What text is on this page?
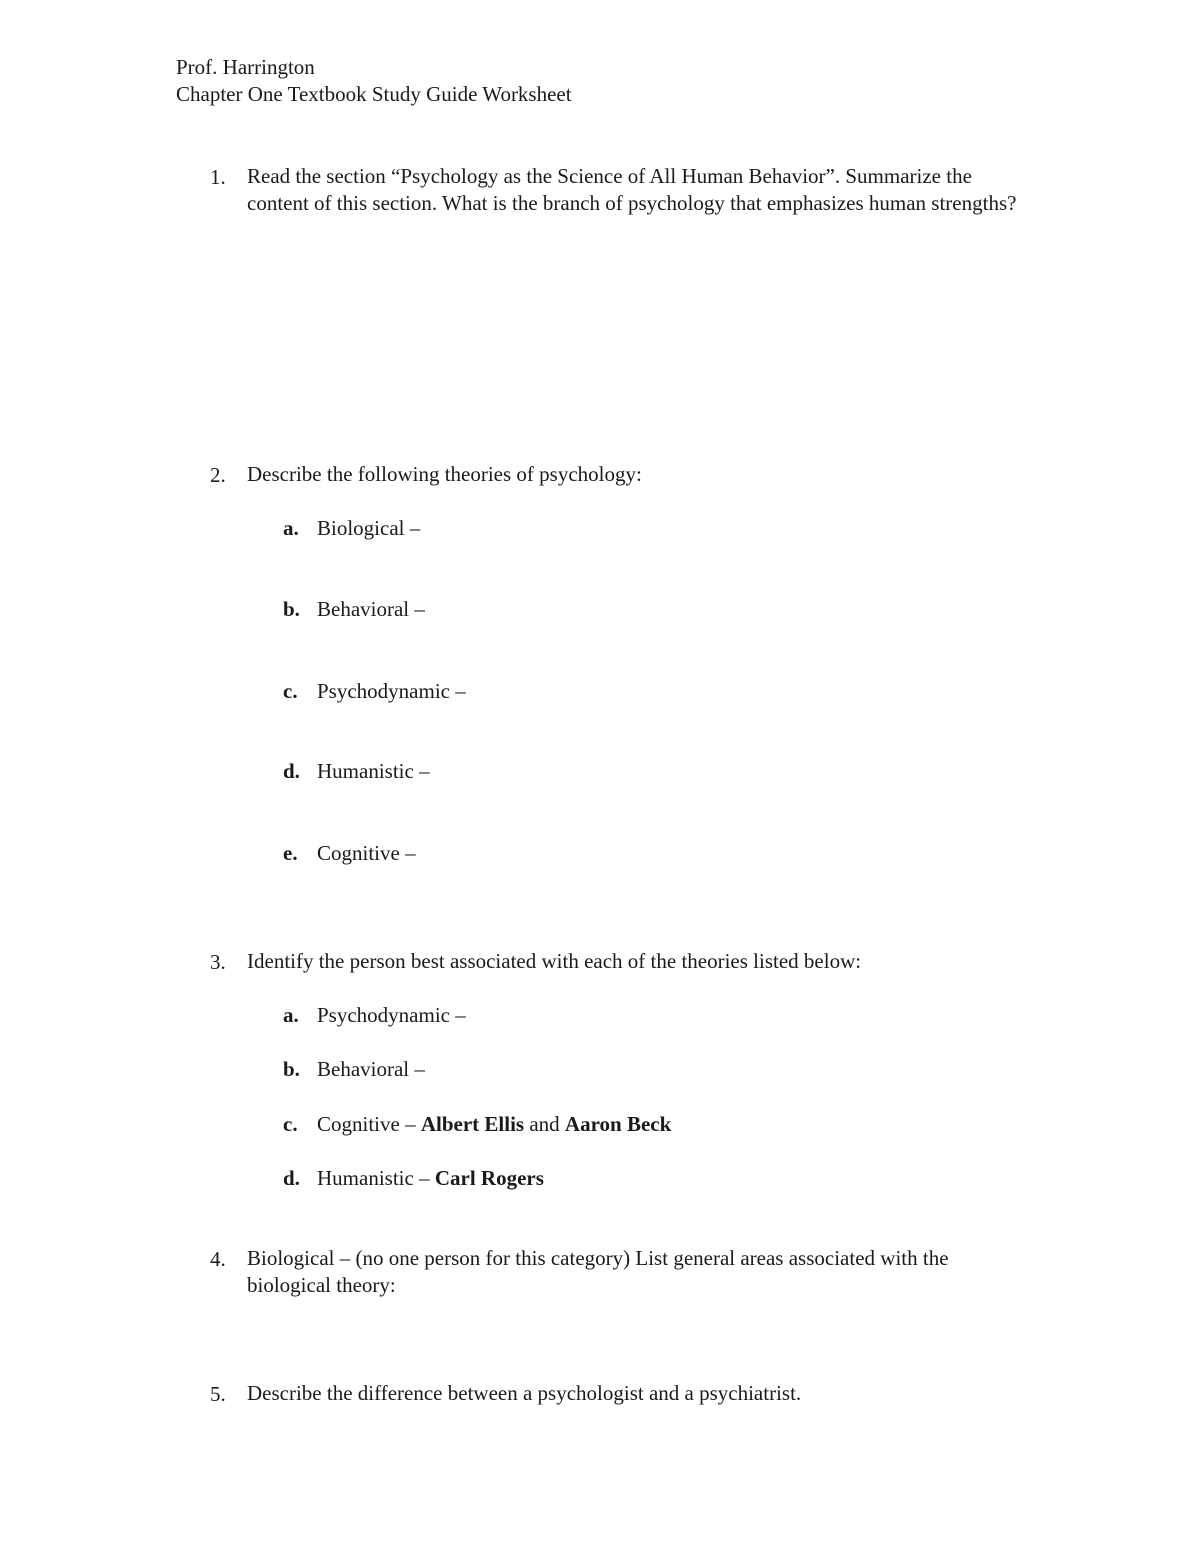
Prof. Harrington
Chapter One Textbook Study Guide Worksheet
1. Read the section “Psychology as the Science of All Human Behavior”. Summarize the content of this section. What is the branch of psychology that emphasizes human strengths?
2. Describe the following theories of psychology:
a. Biological –
b. Behavioral –
c. Psychodynamic –
d. Humanistic –
e. Cognitive –
3. Identify the person best associated with each of the theories listed below:
a. Psychodynamic –
b. Behavioral –
c. Cognitive – Albert Ellis and Aaron Beck
d. Humanistic – Carl Rogers
4. Biological – (no one person for this category) List general areas associated with the biological theory:
5. Describe the difference between a psychologist and a psychiatrist.
